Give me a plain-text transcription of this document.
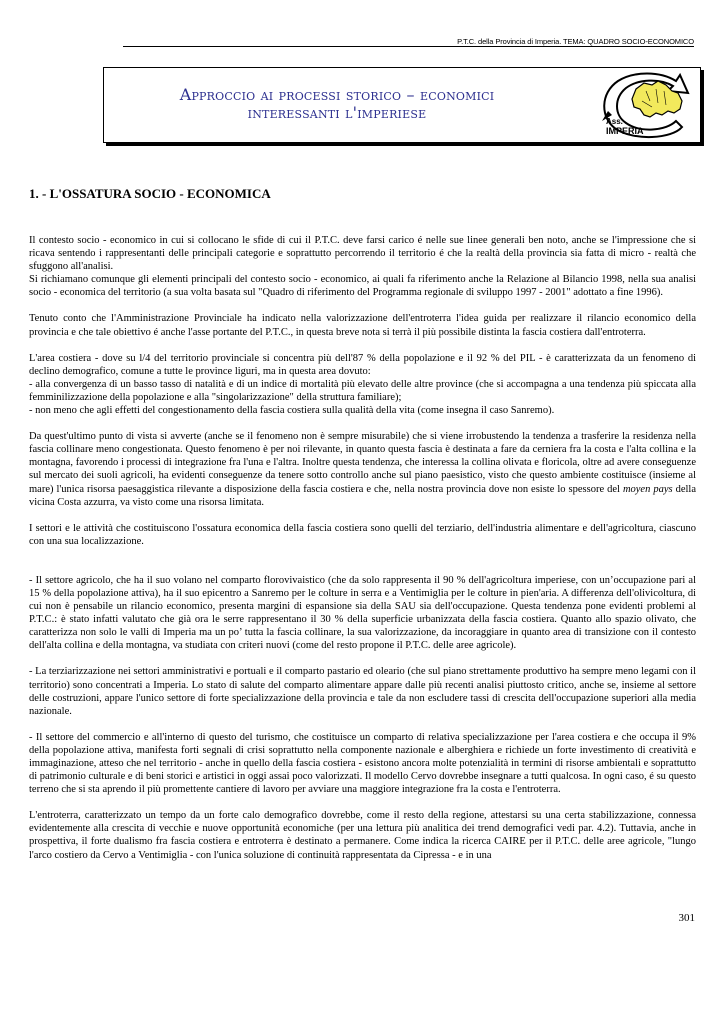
P.T.C. della Provincia di Imperia. TEMA: QUADRO SOCIO-ECONOMICO
Approccio ai processi storico – economici
interessanti l'imperiese	Ass.
IMPERIA
1. - L'OSSATURA SOCIO - ECONOMICA

Il contesto socio - economico in cui si collocano le sfide di cui il P.T.C. deve farsi carico é nelle sue linee generali ben noto, anche se l'impressione che si ricava sentendo i rappresentanti delle principali categorie e soprattutto percorrendo il territorio é che la realtà della provincia sia fatta di micro - realtà che sfuggono all'analisi.

Si richiamano comunque gli elementi principali del contesto socio - economico, ai quali fa riferimento anche la Relazione al Bilancio 1998, nella sua analisi socio - economica del territorio (a sua volta basata sul "Quadro di riferimento del Programma regionale di sviluppo 1997 - 2001" adottato a fine 1996).

Tenuto conto che l'Amministrazione Provinciale ha indicato nella valorizzazione dell'entroterra l'idea guida per realizzare il rilancio economico della provincia e che tale obiettivo é anche l'asse portante del P.T.C., in questa breve nota si terrà il più possibile distinta la fascia costiera dall'entroterra.

L'area costiera - dove su l/4 del territorio provinciale si concentra più dell'87 % della popolazione e il 92 % del PIL - è caratterizzata da un fenomeno di declino demografico, comune a tutte le province liguri, ma in questa area dovuto:

- alla convergenza di un basso tasso di natalità e di un indice di mortalità più elevato delle altre province (che si accompagna a una tendenza più spiccata alla femminilizzazione della popolazione e alla "singolarizzazione" della struttura familiare);

- non meno che agli effetti del congestionamento della fascia costiera sulla qualità della vita (come insegna il caso Sanremo).

Da quest'ultimo punto di vista si avverte (anche se il fenomeno non è sempre misurabile) che si viene irrobustendo la tendenza a trasferire la residenza nella fascia collinare meno congestionata. Questo fenomeno è per noi rilevante, in quanto questa fascia è destinata a fare da cerniera fra la costa e l'alta collina e la montagna, favorendo i processi di integrazione fra l'una e l'altra. Inoltre questa tendenza, che interessa la collina olivata e floricola, oltre ad avere conseguenze sul mercato dei suoli agricoli, ha evidenti conseguenze da tenere sotto controllo anche sul piano paesistico, visto che questo ambiente costituisce (insieme al mare) l'unica risorsa paesaggistica rilevante a disposizione della fascia costiera e che, nella nostra provincia dove non esiste lo spessore del moyen pays della vicina Costa azzurra, va visto come una risorsa limitata.

I settori e le attività che costituiscono l'ossatura economica della fascia costiera sono quelli del terziario, dell'industria alimentare e dell'agricoltura, ciascuno con una sua localizzazione.

- Il settore agricolo, che ha il suo volano nel comparto florovivaistico (che da solo rappresenta il 90 % dell'agricoltura imperiese, con un’occupazione pari al 15 % della popolazione attiva), ha il suo epicentro a Sanremo per le colture in serra e a Ventimiglia per le colture in pien'aria. A differenza dell'olivicoltura, di cui non è pensabile un rilancio economico, presenta margini di espansione sia della SAU sia dell'occupazione. Questa tendenza pone evidenti problemi al P.T.C.: è stato infatti valutato che già ora le serre rappresentano il 30 % della superficie urbanizzata della fascia costiera. Quanto allo spazio olivato, che caratterizza non solo le valli di Imperia ma un po’ tutta la fascia collinare, la sua valorizzazione, da incoraggiare in quanto area di transizione con il contesto dell'alta collina e della montagna, va studiata con criteri nuovi (come del resto propone il P.T.C. delle aree agricole).

- La terziarizzazione nei settori amministrativi e portuali e il comparto pastario ed oleario (che sul piano strettamente produttivo ha sempre meno legami con il territorio) sono concentrati a Imperia. Lo stato di salute del comparto alimentare appare dalle più recenti analisi piuttosto critico, anche se, insieme al settore delle costruzioni, appare l'unico settore di forte specializzazione della provincia e tale da non escludere tassi di crescita dell'occupazione superiori alla media nazionale.

- Il settore del commercio e all'interno di questo del turismo, che costituisce un comparto di relativa specializzazione per l'area costiera e che occupa il 9% della popolazione attiva, manifesta forti segnali di crisi soprattutto nella componente nazionale e alberghiera e richiede un forte investimento di creatività e immaginazione, atteso che nel territorio - anche in quello della fascia costiera - esistono ancora molte potenzialità in termini di risorse ambientali e soprattutto di patrimonio culturale e di beni storici e artistici in oggi assai poco valorizzati. Il modello Cervo dovrebbe insegnare a tutti qualcosa. In ogni caso, é su questo terreno che si sta aprendo il più promettente cantiere di lavoro per avviare una maggiore integrazione fra la costa e l'entroterra.

L'entroterra, caratterizzato un tempo da un forte calo demografico dovrebbe, come il resto della regione, attestarsi su una certa stabilizzazione, connessa evidentemente alla crescita di vecchie e nuove opportunità economiche (per una lettura più analitica dei trend demografici vedi par. 4.2). Tuttavia, anche in prospettiva, il forte dualismo fra fascia costiera e entroterra è destinato a permanere. Come indica la ricerca CAIRE per il P.T.C. delle aree agricole, "lungo l'arco costiero da Cervo a Ventimiglia - con l'unica soluzione di continuità rappresentata da Cipressa - e in una

301
